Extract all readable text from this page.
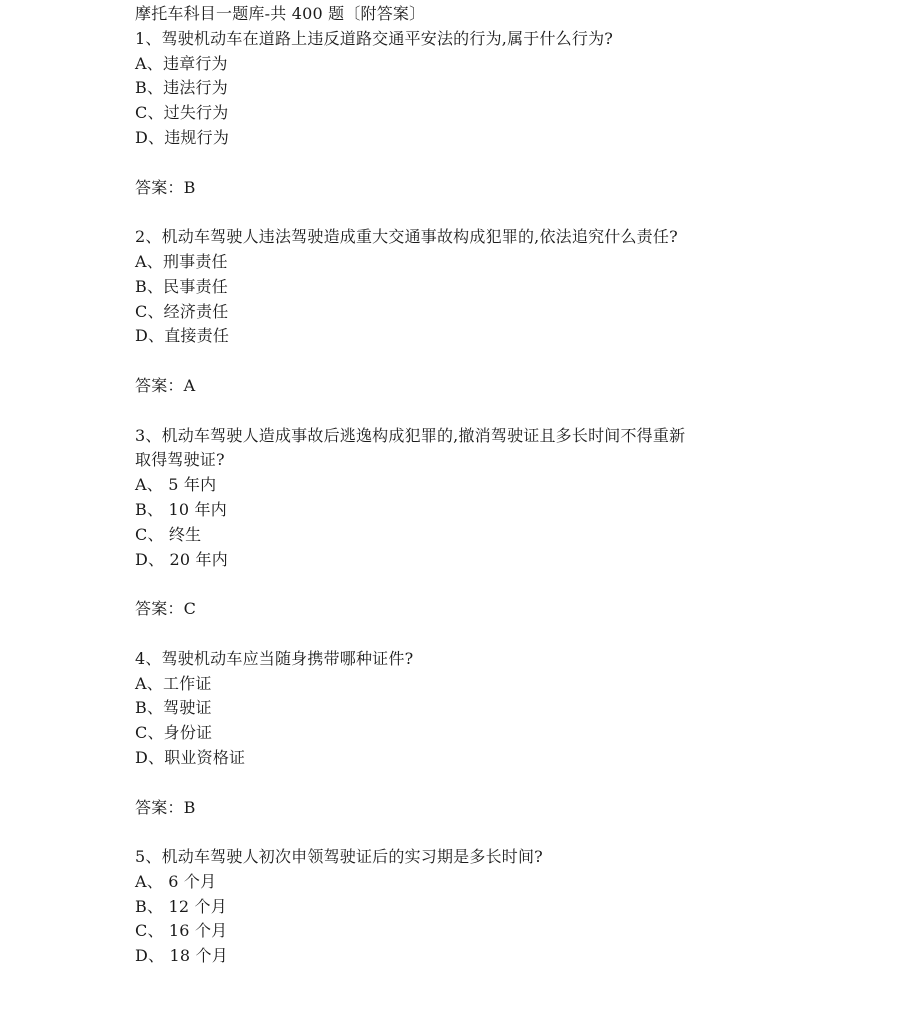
摩托车科目一题库-共 400 题〔附答案〕
1、驾驶机动车在道路上违反道路交通平安法的行为,属于什么行为?
A、违章行为
B、违法行为
C、过失行为
D、违规行为
答案：B
2、机动车驾驶人违法驾驶造成重大交通事故构成犯罪的,依法追究什么责任?
A、刑事责任
B、民事责任
C、经济责任
D、直接责任
答案：A
3、机动车驾驶人造成事故后逃逸构成犯罪的,撤消驾驶证且多长时间不得重新
取得驾驶证?
A、 5 年内
B、 10 年内
C、 终生
D、 20 年内
答案：C
4、驾驶机动车应当随身携带哪种证件?
A、工作证
B、驾驶证
C、身份证
D、职业资格证
答案：B
5、机动车驾驶人初次申领驾驶证后的实习期是多长时间?
A、 6 个月
B、 12 个月
C、 16 个月
D、 18 个月
